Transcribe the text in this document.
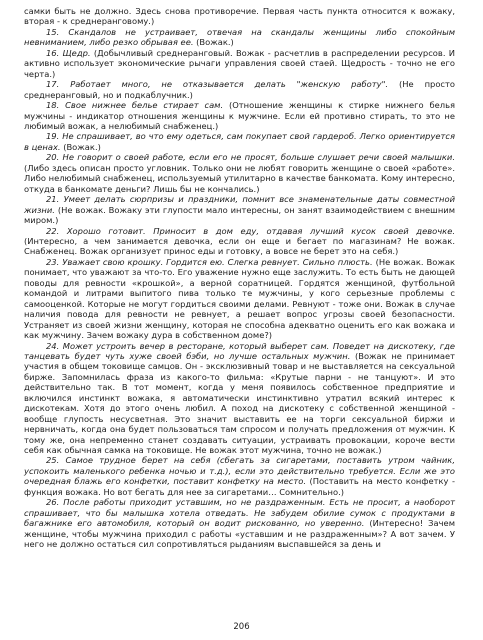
самки быть не должно. Здесь снова противоречие. Первая часть пункта относится к вожаку, вторая - к среднеранговому.)

15. Скандалов не устраивает, отвечая на скандалы женщины либо спокойным невниманием, либо резко обрывая ее. (Вожак.)

16. Щедр. (Добычливый среднеранговый. Вожак - расчетлив в распределении ресурсов. И активно использует экономические рычаги управления своей стаей. Щедрость - точно не его черта.)

17. Работает много, не отказывается делать "женскую работу". (Не просто среднеранговый, но и подкаблучник.)

18. Свое нижнее белье стирает сам. (Отношение женщины к стирке нижнего белья мужчины - индикатор отношения женщины к мужчине. Если ей противно стирать, то это не любимый вожак, а нелюбимый снабженец.)

19. Не спрашивает, во что ему одеться, сам покупает свой гардероб. Легко ориентируется в ценах. (Вожак.)

20. Не говорит о своей работе, если его не просят, больше слушает речи своей малышки. (Либо здесь описан просто угловник. Только они не любят говорить женщине о своей «работе». Либо нелюбимый снабженец, используемый утилитарно в качестве банкомата. Кому интересно, откуда в банкомате деньги? Лишь бы не кончались.)

21. Умеет делать сюрпризы и праздники, помнит все знаменательные даты совместной жизни. (Не вожак. Вожаку эти глупости мало интересны, он занят взаимодействием с внешним миром.)

22. Хорошо готовит. Приносит в дом еду, отдавая лучший кусок своей девочке. (Интересно, а чем занимается девочка, если он еще и бегает по магазинам? Не вожак. Снабженец. Вожак организует принос еды и готовку, а вовсе не берет это на себя.)

23. Уважает свою крошку. Гордится ею. Слегка ревнует. Сильно плюсть. (Не вожак. Вожак понимает, что уважают за что-то. Его уважение нужно еще заслужить. То есть быть не дающей поводы для ревности «крошкой», а верной соратницей. Гордятся женщиной, футбольной командой и литрами выпитого пива только те мужчины, у кого серьезные проблемы с самооценкой. Которые не могут гордиться своими делами. Ревнуют - тоже они. Вожак в случае наличия повода для ревности не ревнует, а решает вопрос угрозы своей безопасности. Устраняет из своей жизни женщину, которая не способна адекватно оценить его как вожака и как мужчину. Зачем вожаку дура в собственном доме?)

24. Может устроить вечер в ресторане, который выберет сам. Поведет на дискотеку, где танцевать будет чуть хуже своей бэби, но лучше остальных мужчин. (Вожак не принимает участия в общем токовище самцов. Он - эксклюзивный товар и не выставляется на сексуальной бирже. Запомнилась фраза из какого-то фильма: «Крутые парни - не танцуют». И это действительно так. В тот момент, когда у меня появилось собственное предприятие и включился инстинкт вожака, я автоматически инстинктивно утратил всякий интерес к дискотекам. Хотя до этого очень любил. А поход на дискотеку с собственной женщиной - вообще глупость несусветная. Это значит выставить ее на торги сексуальной биржи и нервничать, когда она будет пользоваться там спросом и получать предложения от мужчин. К тому же, она непременно станет создавать ситуации, устраивать провокации, короче вести себя как обычная самка на токовище. Не вожак этот мужчина, точно не вожак.)

25. Самое трудное берет на себя (сбегать за сигаретами, поставить утром чайник, успокоить маленького ребенка ночью и т.д.), если это действительно требуется. Если же это очередная блажь его конфетки, поставит конфетку на место. (Поставить на место конфетку - функция вожака. Но вот бегать для нее за сигаретами… Сомнительно.)

26. После работы приходит уставшим, но не раздраженным. Есть не просит, а наоборот спрашивает, что бы малышка хотела отведать. Не забудем обилие сумок с продуктами в багажнике его автомобиля, который он водит рискованно, но уверенно. (Интересно! Зачем женщине, чтобы мужчина приходил с работы «уставшим и не раздраженным»? А вот зачем. У него не должно остаться сил сопротивляться рыданиям выспавшейся за день и

206
